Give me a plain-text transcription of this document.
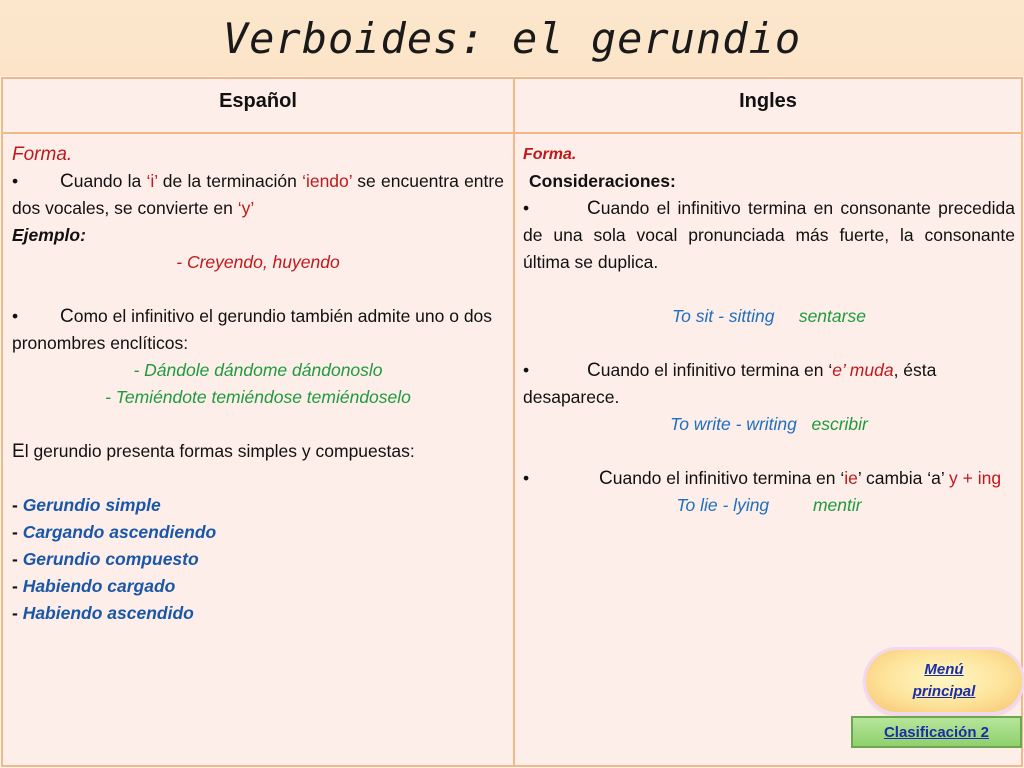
Verboides: el gerundio
Español	Ingles

Forma.

• Cuando la ‘i’ de la terminación ‘iendo’ se encuentra entre dos vocales, se convierte en ‘y’

Ejemplo:

- Creyendo, huyendo

• Como el infinitivo el gerundio también admite uno o dos pronombres enclíticos:

- Dándole dándome dándonoslo

- Temiéndote temiéndose temiéndoselo

El gerundio presenta formas simples y compuestas:

- Gerundio simple

- Cargando ascendiendo

- Gerundio compuesto

- Habiendo cargado

- Habiendo ascendido

Forma.

Consideraciones:

•	Cuando el infinitivo termina en consonante precedida de una sola vocal pronunciada más fuerte, la consonante última se duplica.

To sit - sitting sentarse

•	Cuando el infinitivo termina en ‘e’ muda, ésta desaparece.

To write - writing escribir

•	Cuando el infinitivo termina en ‘ie’ cambia ‘a’ y + ing

To lie - lying	mentir

Menú
principal
Clasificación 2
